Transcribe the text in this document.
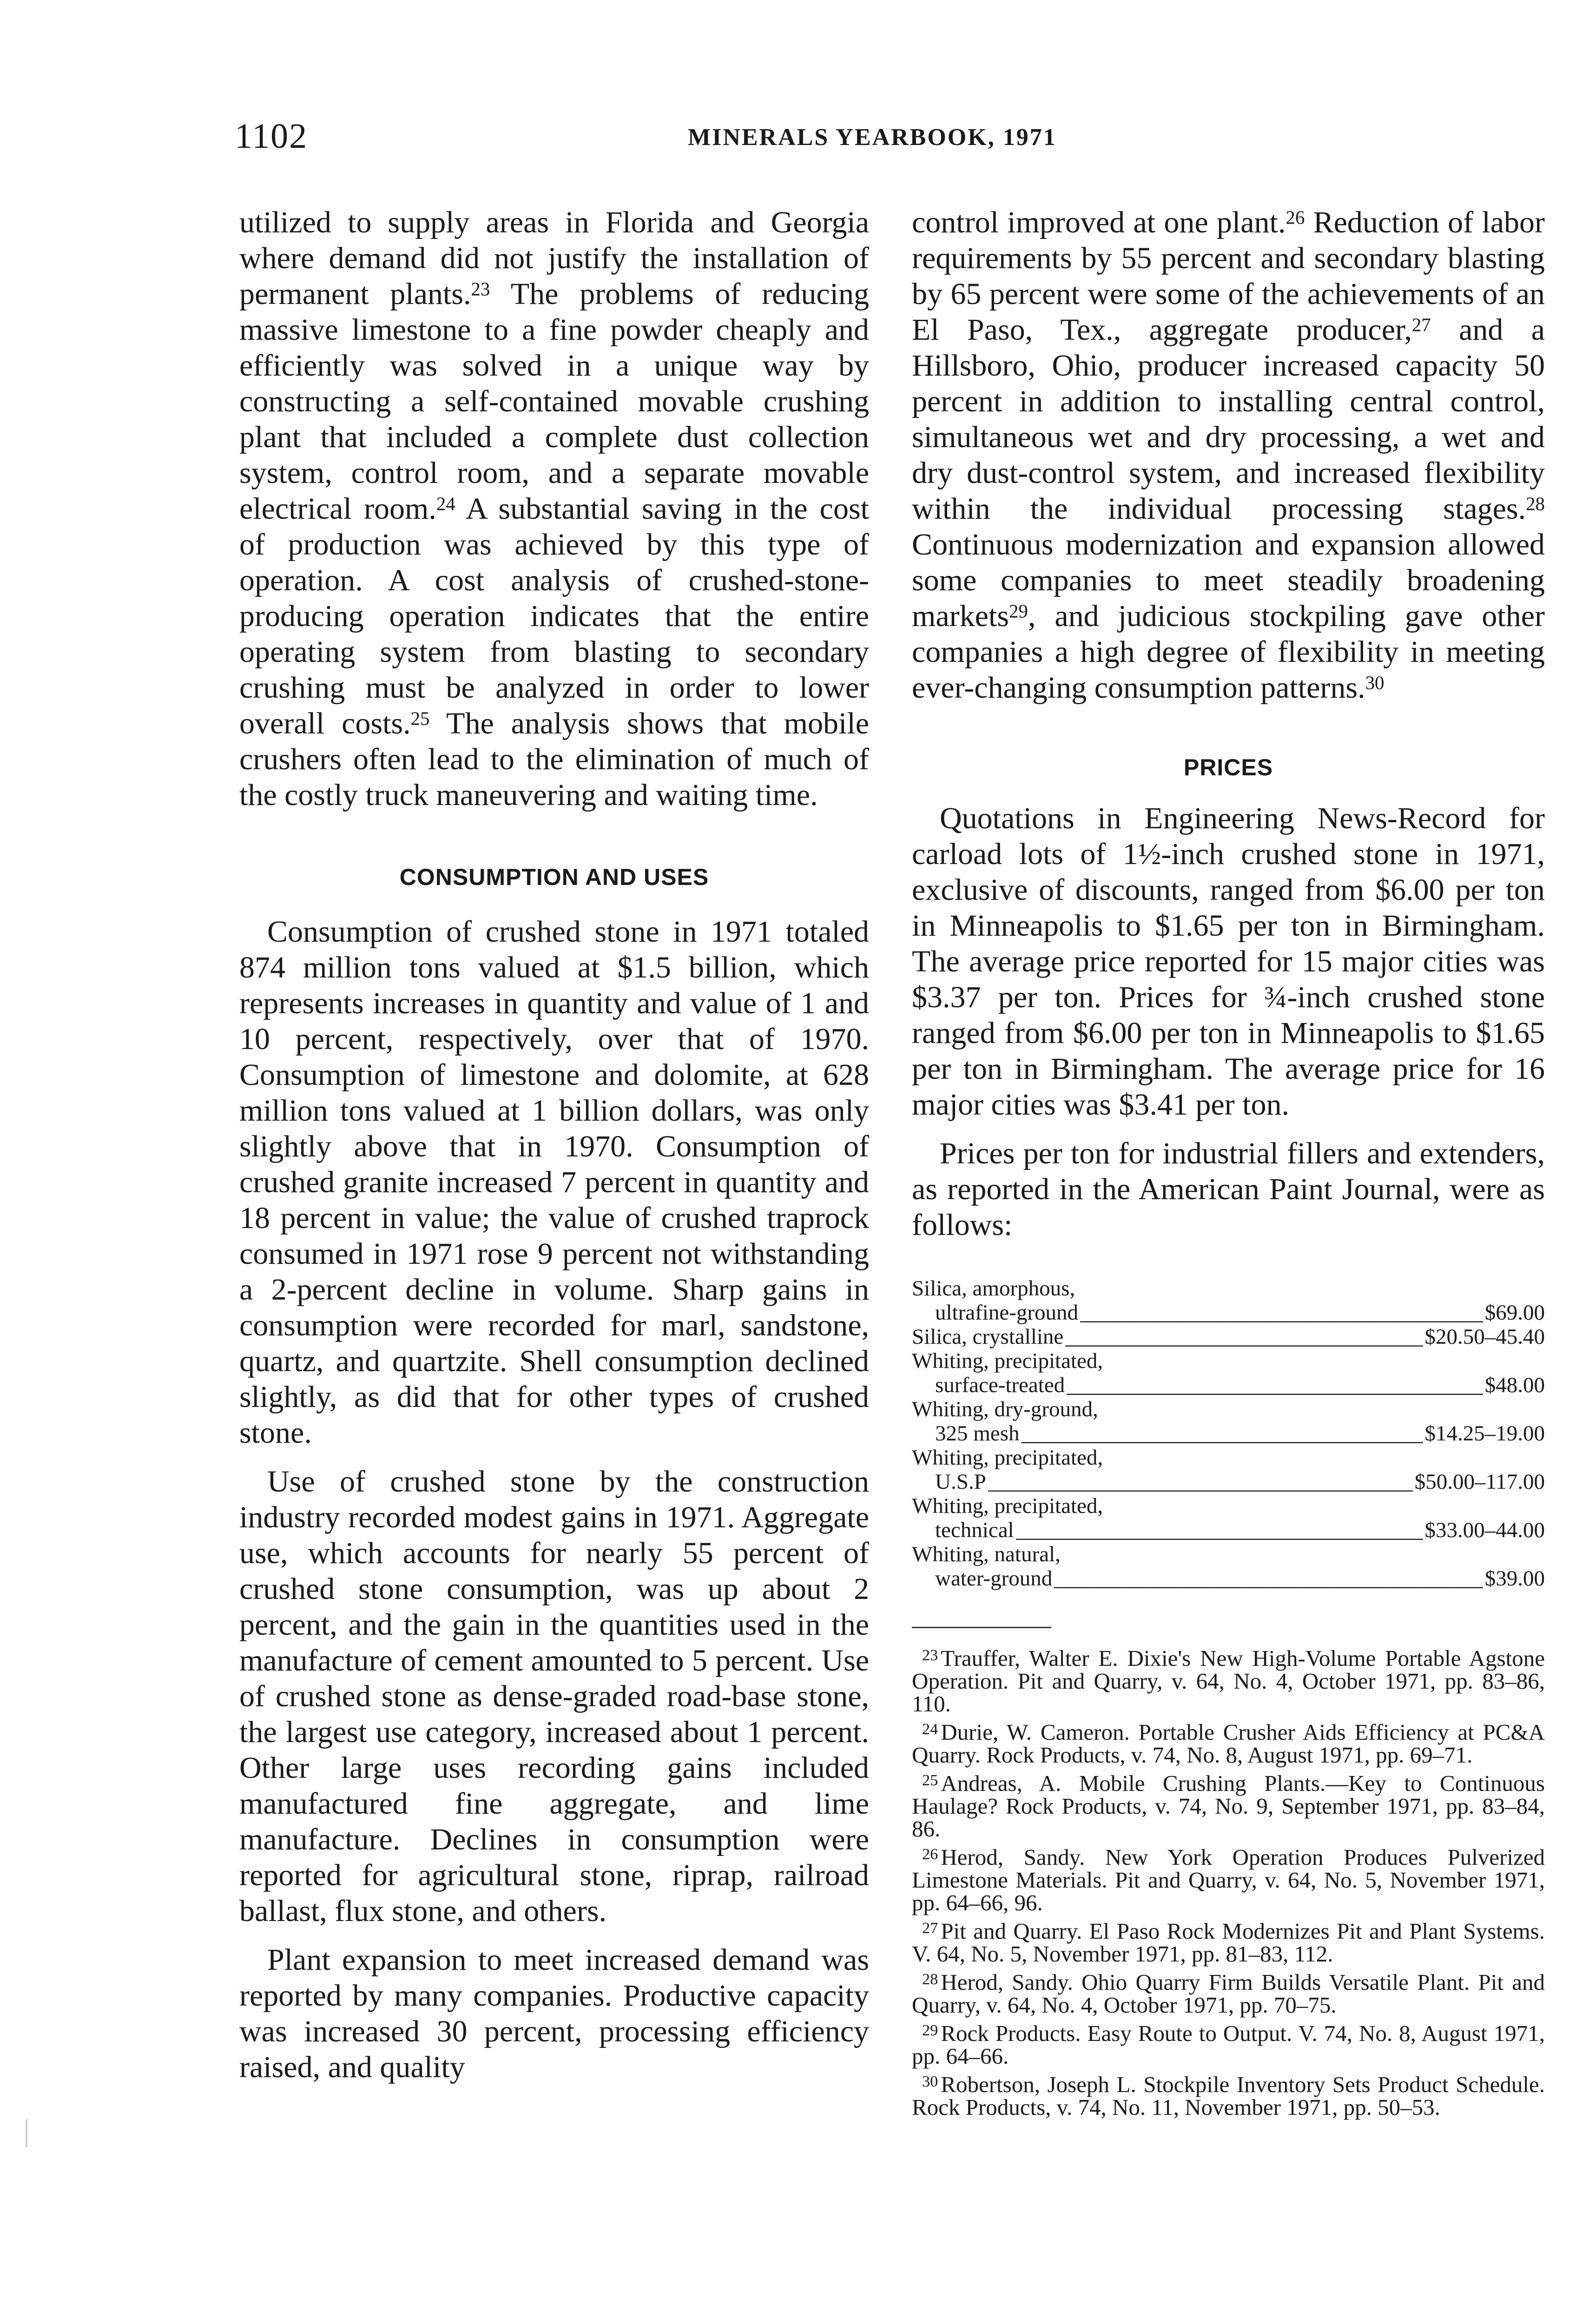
1102	MINERALS YEARBOOK, 1971

utilized to supply areas in Florida and Georgia where demand did not justify the installation of permanent plants.$^{23}$ The problems of reducing massive limestone to a fine powder cheaply and efficiently was solved in a unique way by constructing a self-contained movable crushing plant that included a complete dust collection system, control room, and a separate movable electrical room.$^{24}$ A substantial saving in the cost of production was achieved by this type of operation. A cost analysis of crushed-stone-producing operation indicates that the entire operating system from blasting to secondary crushing must be analyzed in order to lower overall costs.$^{25}$ The analysis shows that mobile crushers often lead to the elimination of much of the costly truck maneuvering and waiting time.

CONSUMPTION AND USES

Consumption of crushed stone in 1971 totaled 874 million tons valued at $1.5 billion, which represents increases in quantity and value of 1 and 10 percent, respectively, over that of 1970. Consumption of limestone and dolomite, at 628 million tons valued at 1 billion dollars, was only slightly above that in 1970. Consumption of crushed granite increased 7 percent in quantity and 18 percent in value; the value of crushed traprock consumed in 1971 rose 9 percent not withstanding a 2-percent decline in volume. Sharp gains in consumption were recorded for marl, sandstone, quartz, and quartzite. Shell consumption declined slightly, as did that for other types of crushed stone.

Use of crushed stone by the construction industry recorded modest gains in 1971. Aggregate use, which accounts for nearly 55 percent of crushed stone consumption, was up about 2 percent, and the gain in the quantities used in the manufacture of cement amounted to 5 percent. Use of crushed stone as dense-graded road-base stone, the largest use category, increased about 1 percent. Other large uses recording gains included manufactured fine aggregate, and lime manufacture. Declines in consumption were reported for agricultural stone, riprap, railroad ballast, flux stone, and others.

Plant expansion to meet increased demand was reported by many companies. Productive capacity was increased 30 percent, processing efficiency raised, and quality

control improved at one plant.$^{26}$ Reduction of labor requirements by 55 percent and secondary blasting by 65 percent were some of the achievements of an El Paso, Tex., aggregate producer,$^{27}$ and a Hillsboro, Ohio, producer increased capacity 50 percent in addition to installing central control, simultaneous wet and dry processing, a wet and dry dust-control system, and increased flexibility within the individual processing stages.$^{28}$ Continuous modernization and expansion allowed some companies to meet steadily broadening markets$^{29}$, and judicious stockpiling gave other companies a high degree of flexibility in meeting ever-changing consumption patterns.$^{30}$

PRICES

Quotations in Engineering News-Record for carload lots of 1½-inch crushed stone in 1971, exclusive of discounts, ranged from $6.00 per ton in Minneapolis to $1.65 per ton in Birmingham. The average price reported for 15 major cities was $3.37 per ton. Prices for ¾-inch crushed stone ranged from $6.00 per ton in Minneapolis to $1.65 per ton in Birmingham. The average price for 16 major cities was $3.41 per ton.

Prices per ton for industrial fillers and extenders, as reported in the American Paint Journal, were as follows:

Silica, amorphous,
ultrafine-ground _____	$69.00
Silica, crystalline _____	$20.50–45.40
Whiting, precipitated,
surface-treated _____	$48.00
Whiting, dry-ground,
325 mesh _____	$14.25–19.00
Whiting, precipitated,
U.S.P _____	$50.00–117.00
Whiting, precipitated,
technical _____	$33.00–44.00
Whiting, natural,
water-ground _____	$39.00
$^{23}$ Trauffer, Walter E. Dixie's New High-Volume Portable Agstone Operation. Pit and Quarry, v. 64, No. 4, October 1971, pp. 83–86, 110.
$^{24}$ Durie, W. Cameron. Portable Crusher Aids Efficiency at PC&A Quarry. Rock Products, v. 74, No. 8, August 1971, pp. 69–71.
$^{25}$ Andreas, A. Mobile Crushing Plants.—Key to Continuous Haulage? Rock Products, v. 74, No. 9, September 1971, pp. 83–84, 86.
$^{26}$ Herod, Sandy. New York Operation Produces Pulverized Limestone Materials. Pit and Quarry, v. 64, No. 5, November 1971, pp. 64–66, 96.
$^{27}$ Pit and Quarry. El Paso Rock Modernizes Pit and Plant Systems. V. 64, No. 5, November 1971, pp. 81–83, 112.
$^{28}$ Herod, Sandy. Ohio Quarry Firm Builds Versatile Plant. Pit and Quarry, v. 64, No. 4, October 1971, pp. 70–75.
$^{29}$ Rock Products. Easy Route to Output. V. 74, No. 8, August 1971, pp. 64–66.
$^{30}$ Robertson, Joseph L. Stockpile Inventory Sets Product Schedule. Rock Products, v. 74, No. 11, November 1971, pp. 50–53.
